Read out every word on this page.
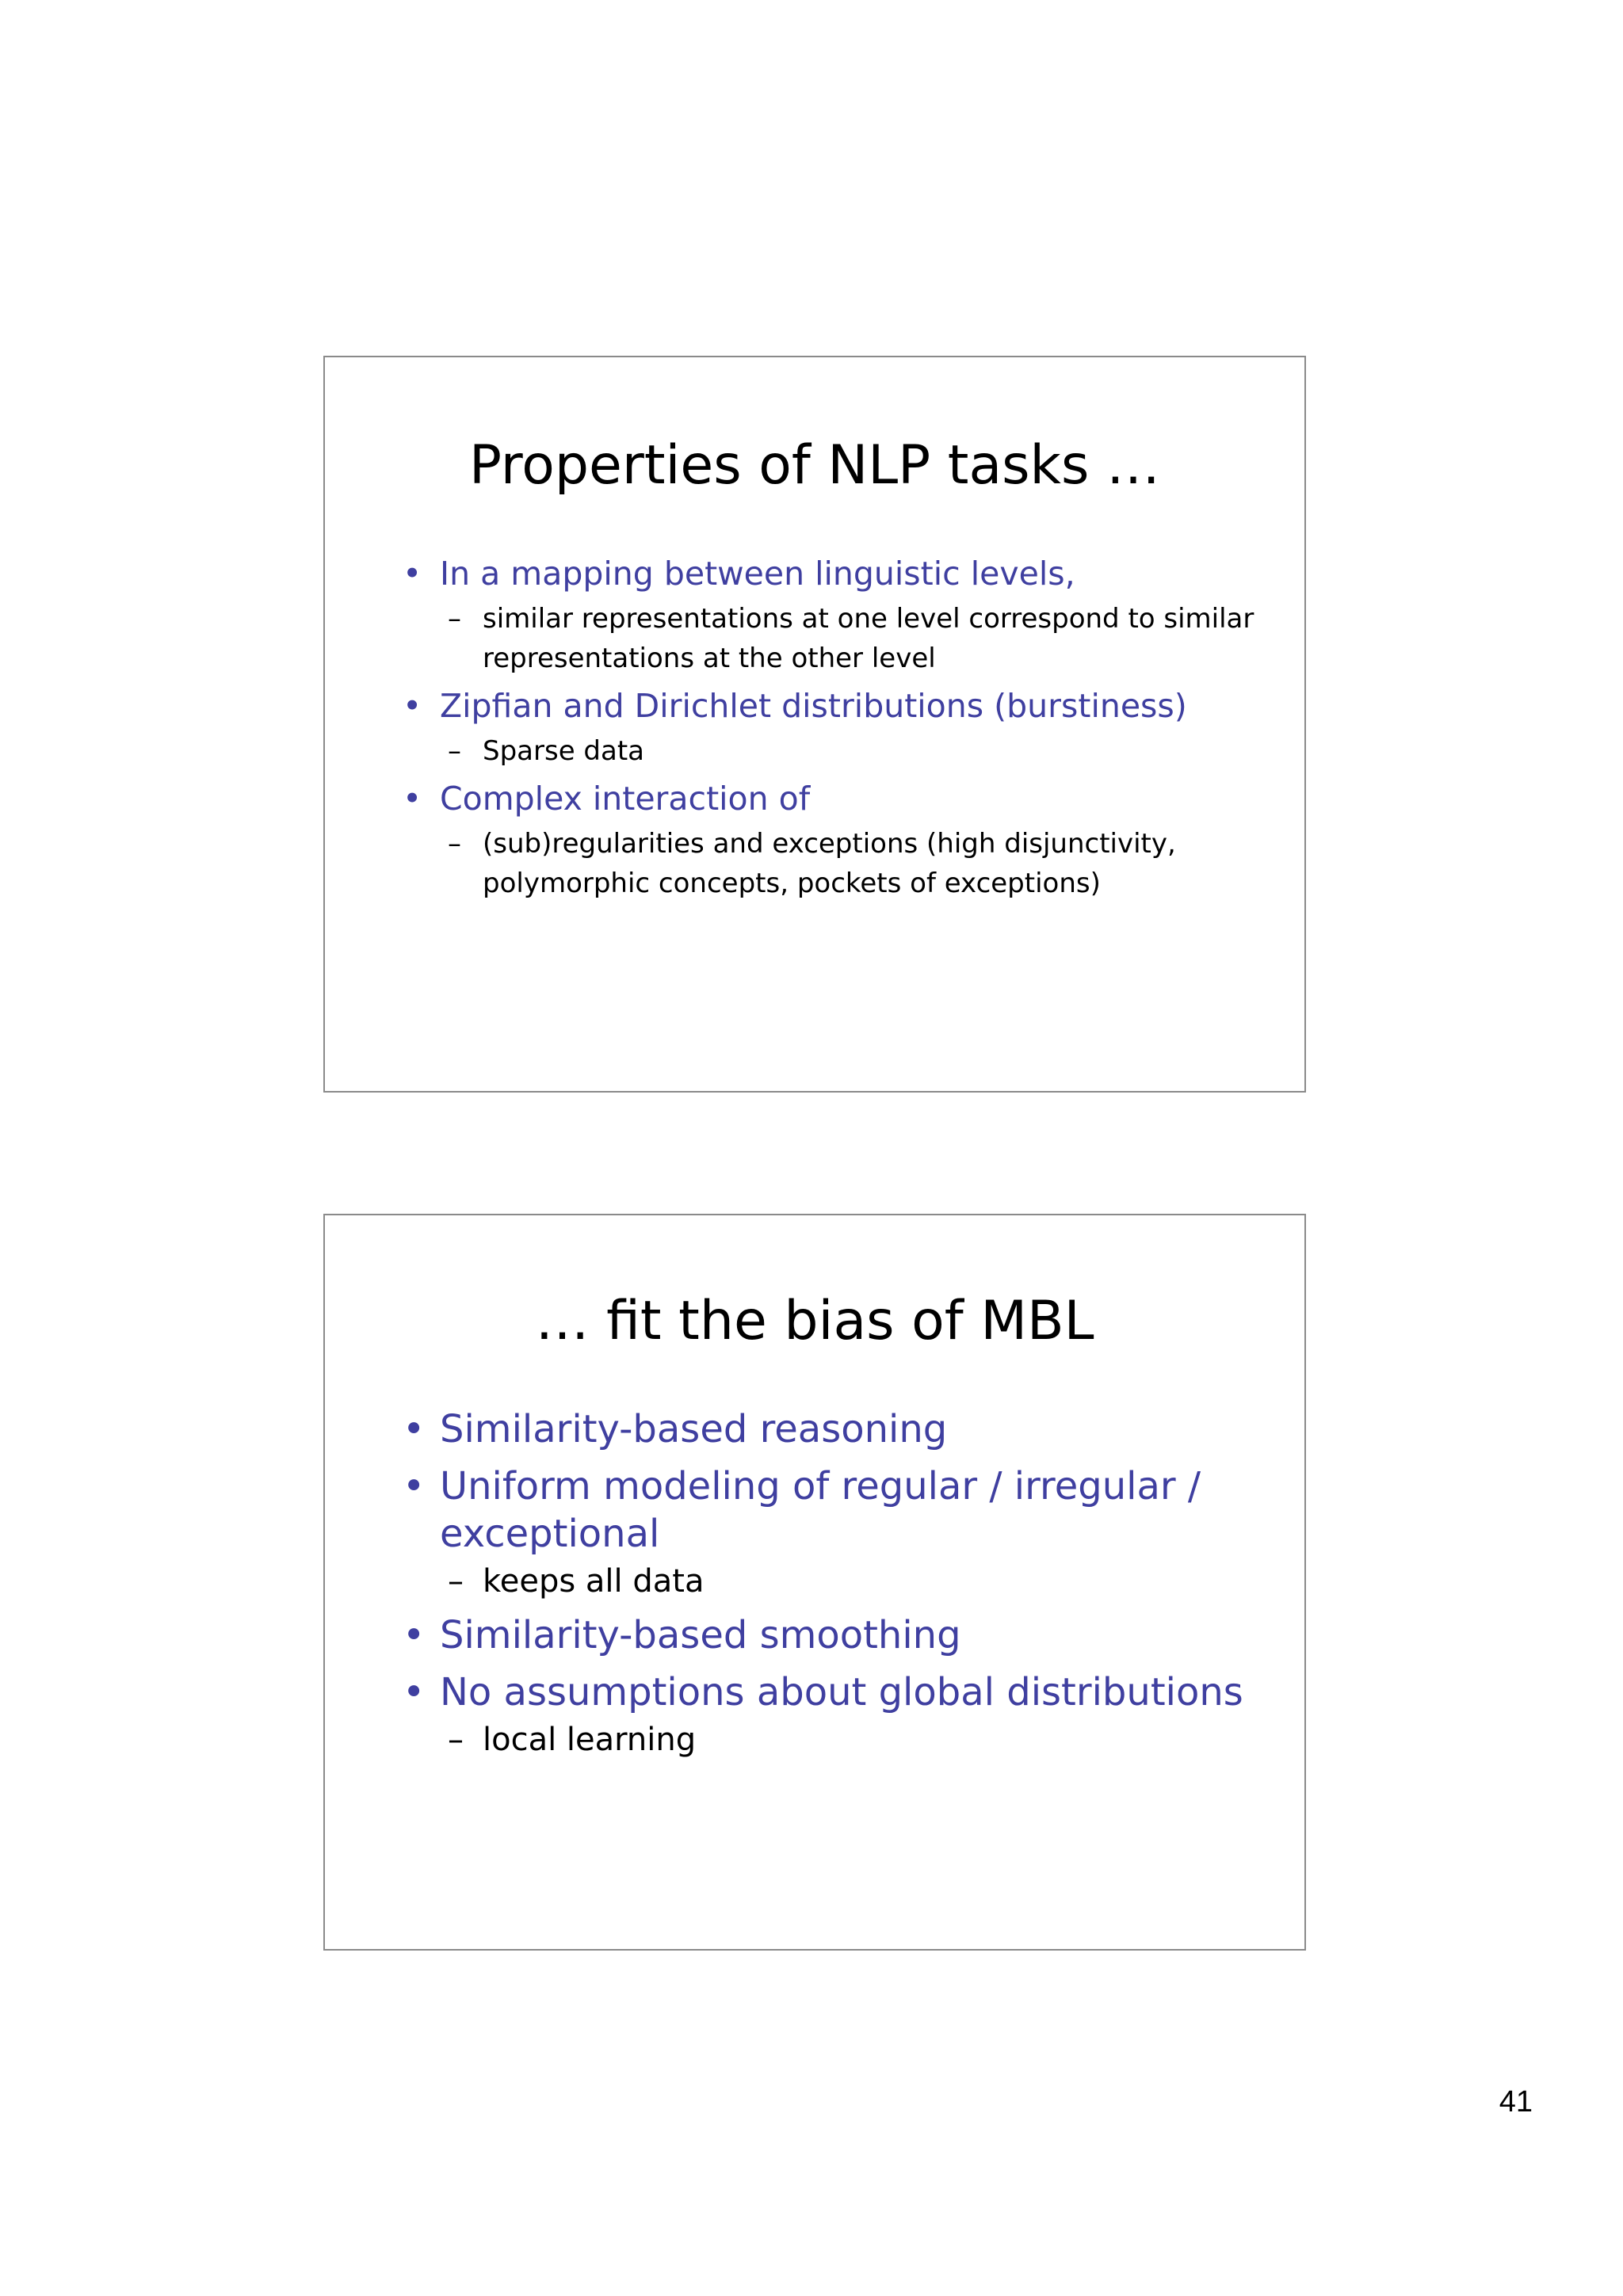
Properties of NLP tasks …
• In a mapping between linguistic levels,
– similar representations at one level correspond to similar representations at the other level
• Zipfian and Dirichlet distributions (burstiness)
– Sparse data
• Complex interaction of
– (sub)regularities and exceptions (high disjunctivity, polymorphic concepts, pockets of exceptions)
… fit the bias of MBL
• Similarity-based reasoning
• Uniform modeling of regular / irregular / exceptional
– keeps all data
• Similarity-based smoothing
• No assumptions about global distributions
– local learning
41
